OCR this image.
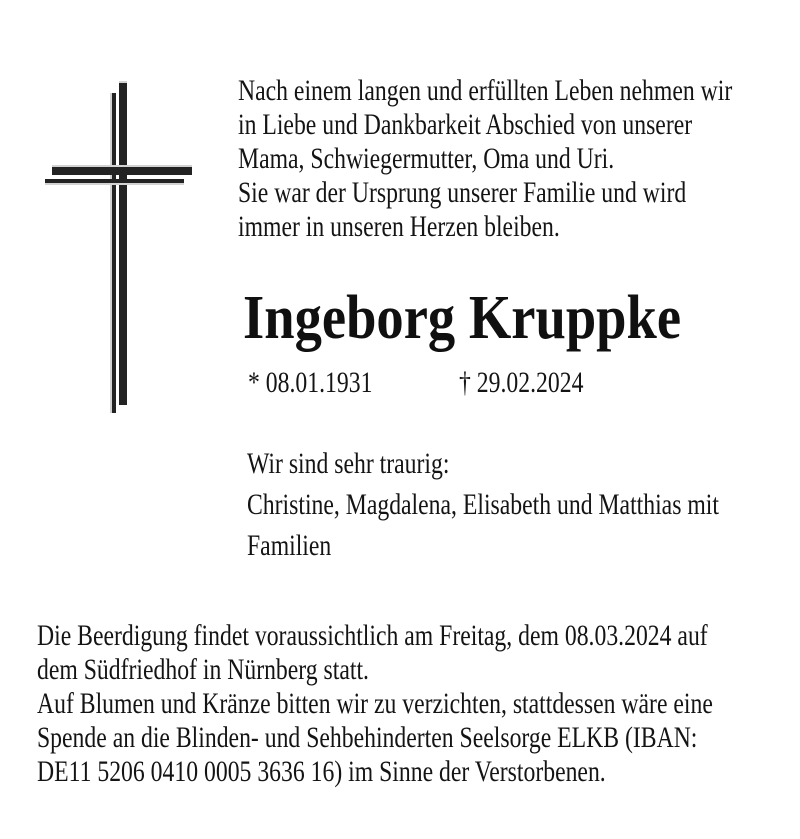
Nach einem langen und erfüllten Leben nehmen wir
in Liebe und Dankbarkeit Abschied von unserer
Mama, Schwiegermutter, Oma und Uri.
Sie war der Ursprung unserer Familie und wird
immer in unseren Herzen bleiben.
Ingeborg Kruppke
* 08.01.1931	† 29.02.2024
Wir sind sehr traurig:
Christine, Magdalena, Elisabeth und Matthias mit
Familien
Die Beerdigung findet voraussichtlich am Freitag, dem 08.03.2024 auf
dem Südfriedhof in Nürnberg statt.
Auf Blumen und Kränze bitten wir zu verzichten, stattdessen wäre eine
Spende an die Blinden- und Sehbehinderten Seelsorge ELKB (IBAN:
DE11 5206 0410 0005 3636 16) im Sinne der Verstorbenen.
